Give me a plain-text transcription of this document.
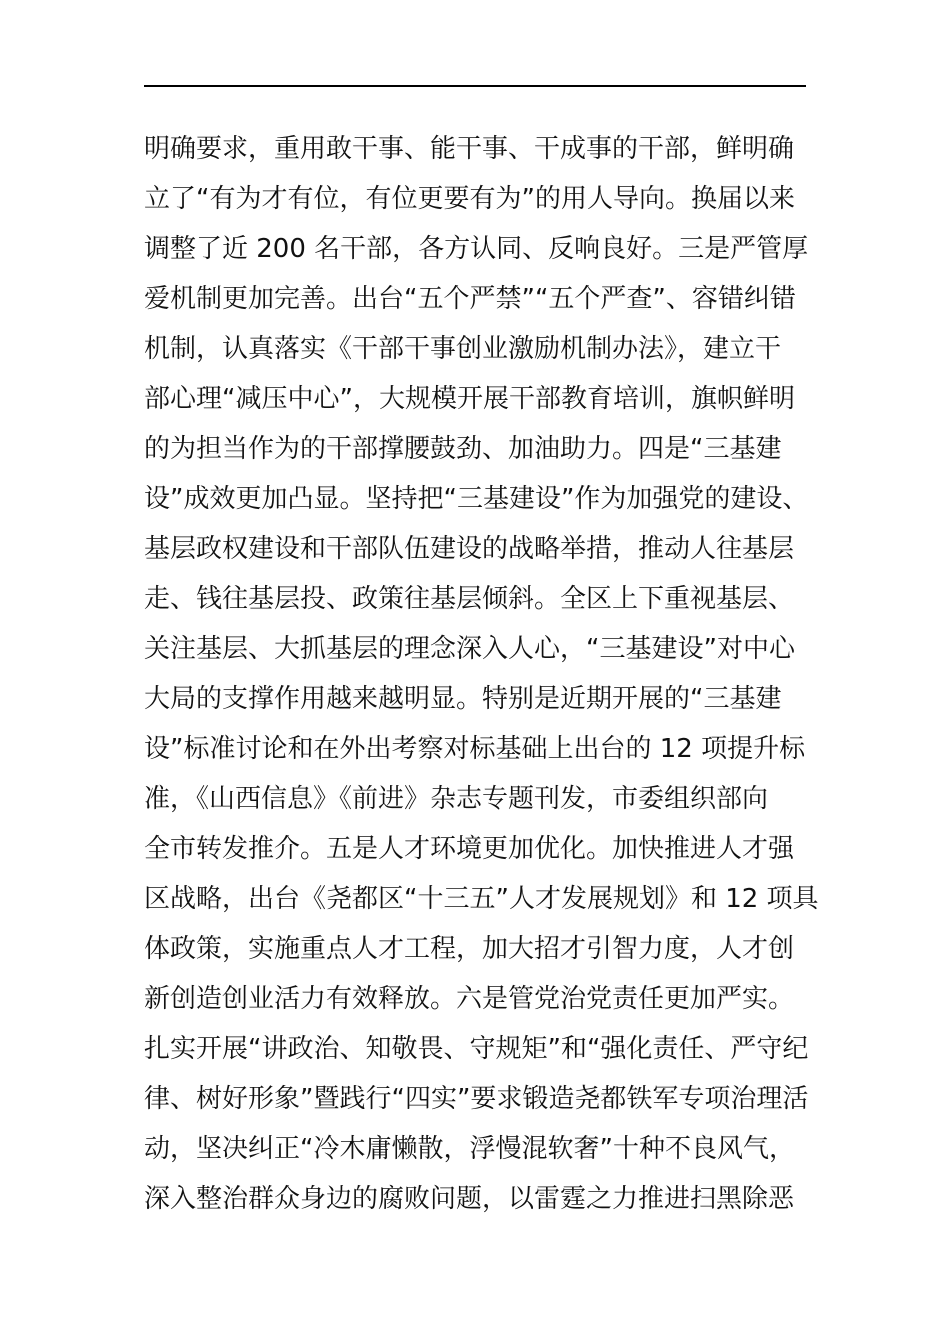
明确要求，重用敢干事、能干事、干成事的干部，鲜明确
立了“有为才有位，有位更要有为”的用人导向。换届以来
调整了近 200 名干部，各方认同、反响良好。三是严管厚
爱机制更加完善。出台“五个严禁”“五个严查”、容错纠错
机制，认真落实《干部干事创业激励机制办法》，建立干
部心理“减压中心”，大规模开展干部教育培训，旗帜鲜明
的为担当作为的干部撑腰鼓劲、加油助力。四是“三基建
设”成效更加凸显。坚持把“三基建设”作为加强党的建设、
基层政权建设和干部队伍建设的战略举措，推动人往基层
走、钱往基层投、政策往基层倾斜。全区上下重视基层、
关注基层、大抓基层的理念深入人心，“三基建设”对中心
大局的支撑作用越来越明显。特别是近期开展的“三基建
设”标准讨论和在外出考察对标基础上出台的 12 项提升标
准，《山西信息》《前进》杂志专题刊发，市委组织部向
全市转发推介。五是人才环境更加优化。加快推进人才强
区战略，出台《尧都区“十三五”人才发展规划》和 12 项具
体政策，实施重点人才工程，加大招才引智力度，人才创
新创造创业活力有效释放。六是管党治党责任更加严实。
扎实开展“讲政治、知敬畏、守规矩”和“强化责任、严守纪
律、树好形象”暨践行“四实”要求锻造尧都铁军专项治理活
动，坚决纠正“冷木庸懒散，浮慢混软奢”十种不良风气，
深入整治群众身边的腐败问题，以雷霆之力推进扫黑除恶
